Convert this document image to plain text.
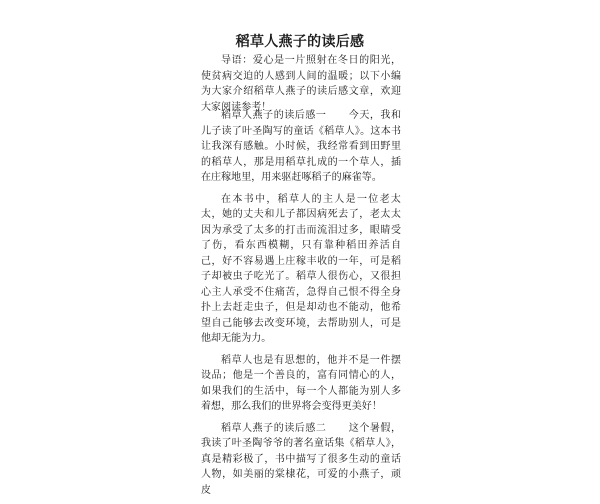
稻草人燕子的读后感

导语：爱心是一片照射在冬日的阳光，使贫病交迫的人感到人间的温暖；以下小编为大家介绍稻草人燕子的读后感文章，欢迎大家阅读参考！

稻草人燕子的读后感一 今天，我和儿子读了叶圣陶写的童话《稻草人》。这本书让我深有感触。小时候，我经常看到田野里的稻草人，那是用稻草扎成的一个草人，插在庄稼地里，用来驱赶啄稻子的麻雀等。

在本书中，稻草人的主人是一位老太太，她的丈夫和儿子都因病死去了，老太太因为承受了太多的打击而流泪过多，眼睛受了伤，看东西模糊，只有靠种稻田养活自己，好不容易遇上庄稼丰收的一年，可是稻子却被虫子吃光了。稻草人很伤心，又很担心主人承受不住痛苦，急得自己恨不得全身扑上去赶走虫子，但是却动也不能动，他希望自己能够去改变环境，去帮助别人，可是他却无能为力。

稻草人也是有思想的，他并不是一件摆设品；他是一个善良的，富有同情心的人，如果我们的生活中，每一个人都能为别人多着想，那么我们的世界将会变得更美好！

稻草人燕子的读后感二 这个暑假，我读了叶圣陶爷爷的著名童话集《稻草人》，真是精彩极了，书中描写了很多生动的童话人物，如美丽的棠棣花，可爱的小燕子，顽皮
